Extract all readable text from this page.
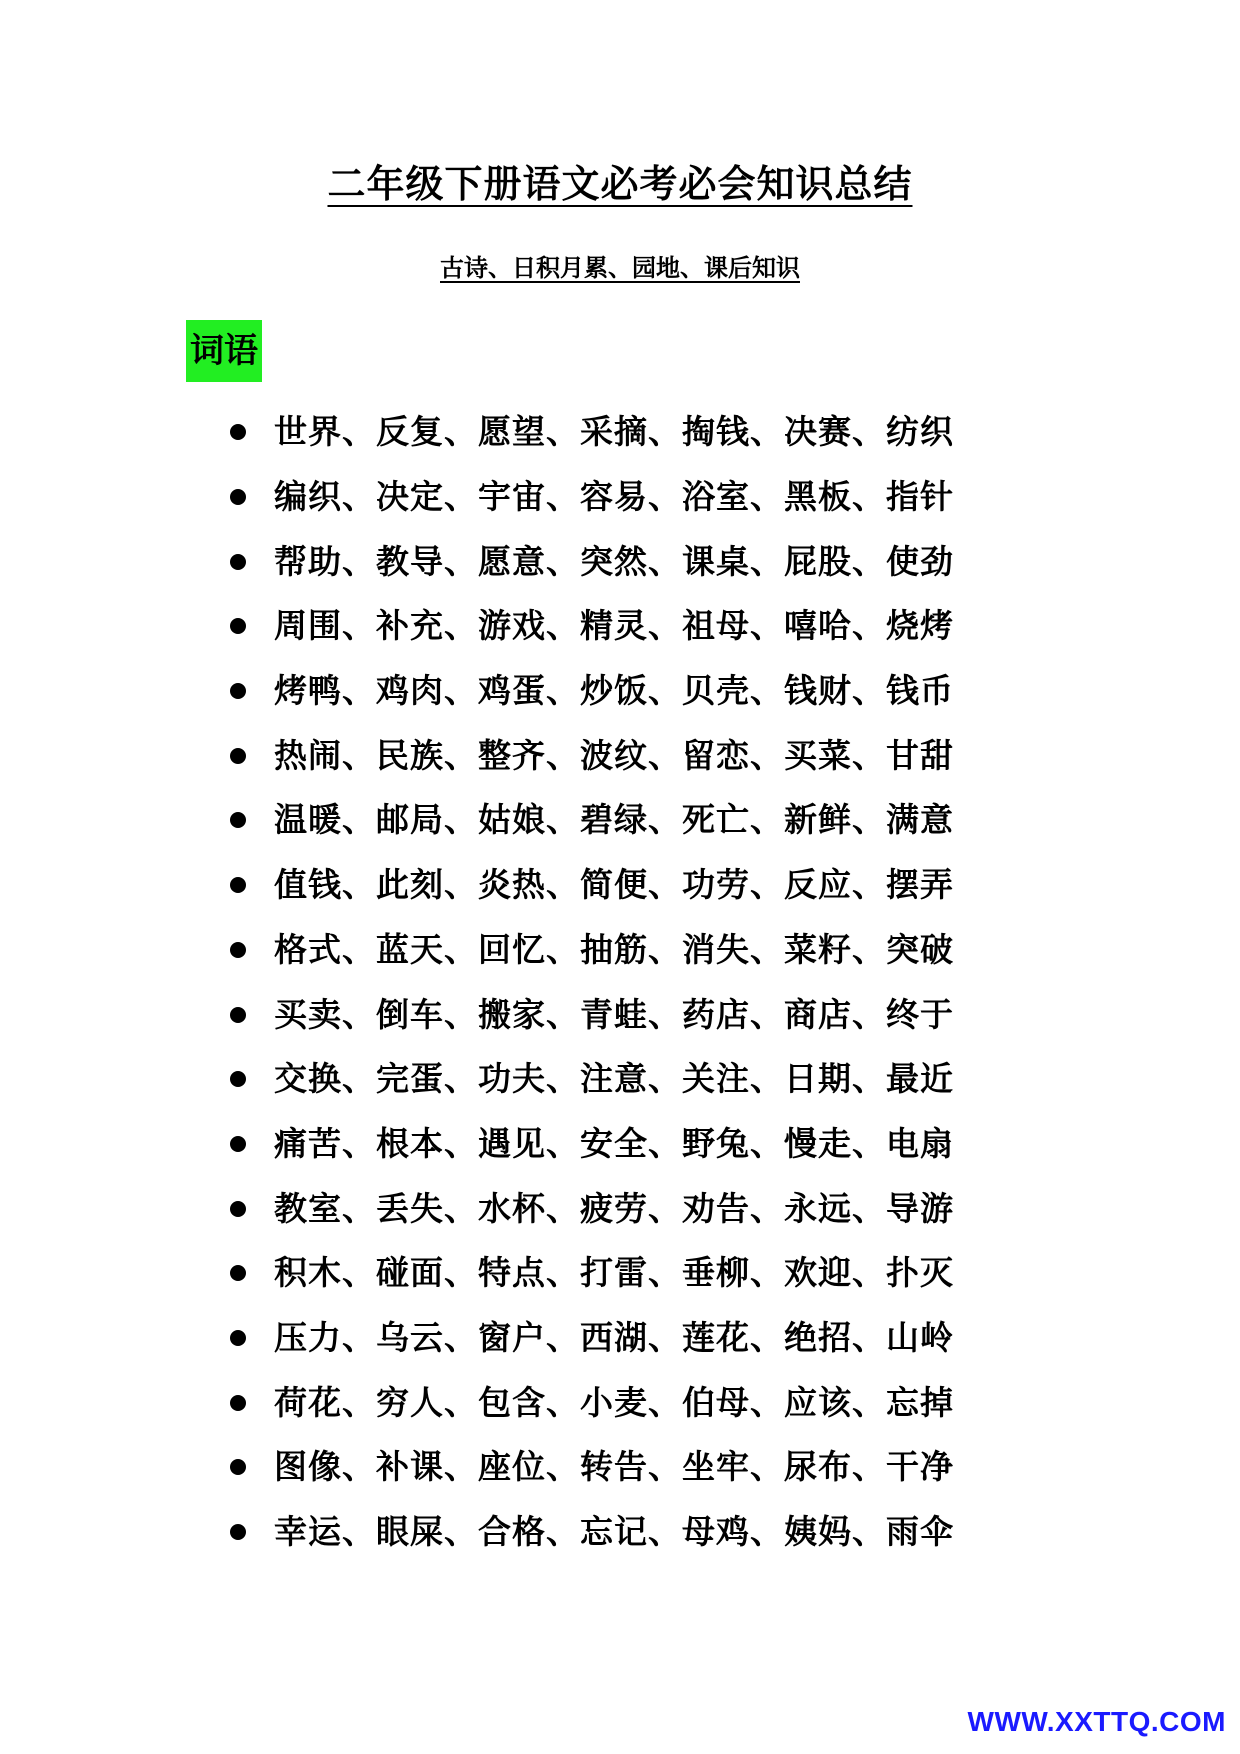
二年级下册语文必考必会知识总结
古诗、日积月累、园地、课后知识
词语
世界、反复、愿望、采摘、掏钱、决赛、纺织
编织、决定、宇宙、容易、浴室、黑板、指针
帮助、教导、愿意、突然、课桌、屁股、使劲
周围、补充、游戏、精灵、祖母、嘻哈、烧烤
烤鸭、鸡肉、鸡蛋、炒饭、贝壳、钱财、钱币
热闹、民族、整齐、波纹、留恋、买菜、甘甜
温暖、邮局、姑娘、碧绿、死亡、新鲜、满意
值钱、此刻、炎热、简便、功劳、反应、摆弄
格式、蓝天、回忆、抽筋、消失、菜籽、突破
买卖、倒车、搬家、青蛙、药店、商店、终于
交换、完蛋、功夫、注意、关注、日期、最近
痛苦、根本、遇见、安全、野兔、慢走、电扇
教室、丢失、水杯、疲劳、劝告、永远、导游
积木、碰面、特点、打雷、垂柳、欢迎、扑灭
压力、乌云、窗户、西湖、莲花、绝招、山岭
荷花、穷人、包含、小麦、伯母、应该、忘掉
图像、补课、座位、转告、坐牢、尿布、干净
幸运、眼屎、合格、忘记、母鸡、姨妈、雨伞
WWW.XXTTQ.COM
